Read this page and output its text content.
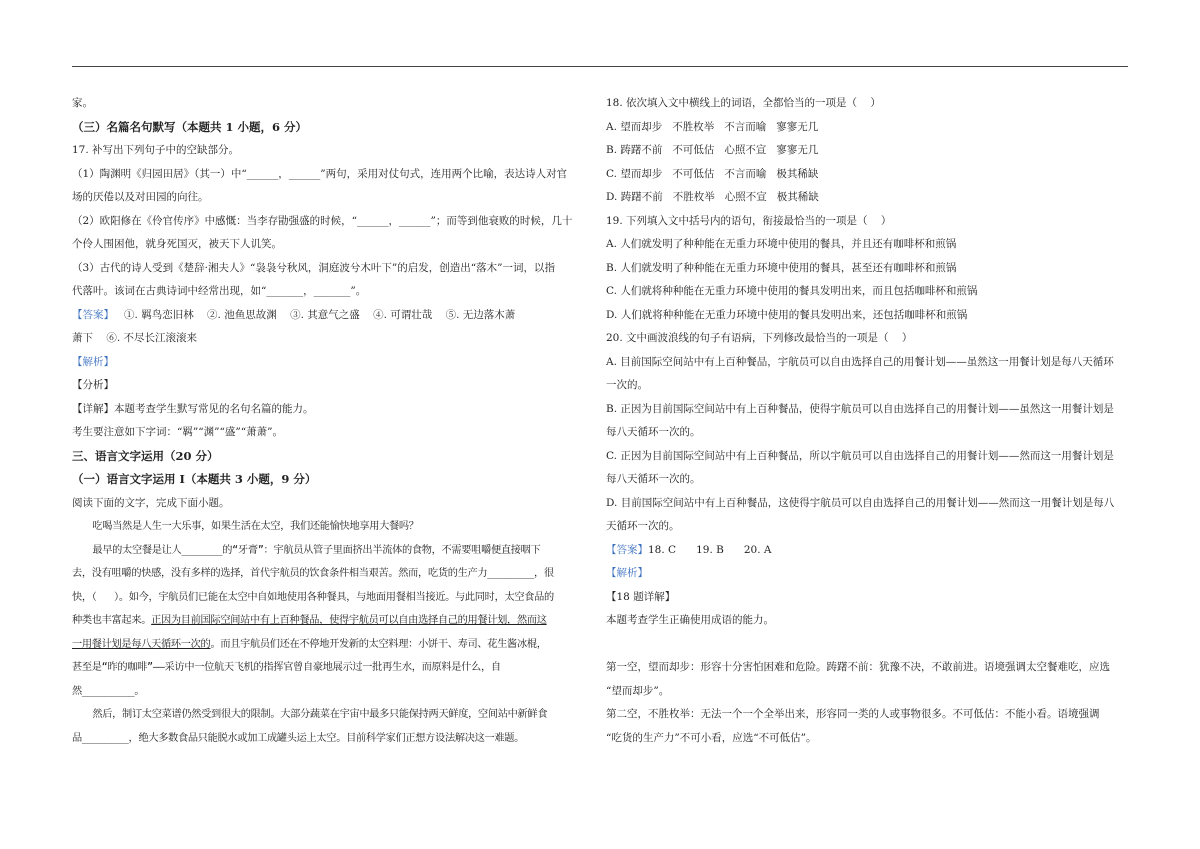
家。

（三）名篇名句默写（本题共 1 小题，6 分）

17. 补写出下列句子中的空缺部分。

（1）陶渊明《归园田居》（其一）中“______，______”两句，采用对仗句式，连用两个比喻，表达诗人对官

场的厌倦以及对田园的向往。

（2）欧阳修在《伶官传序》中感慨：当李存勖强盛的时候，“______，______”；而等到他衰败的时候，几十

个伶人围困他，就身死国灭，被天下人讥笑。

（3）古代的诗人受到《楚辞·湘夫人》“袅袅兮秋风，洞庭波兮木叶下”的启发，创造出“落木”一词，以指

代落叶。该词在古典诗词中经常出现，如“_______，_______”。

【答案】   ①. 羁鸟恋旧林    ②. 池鱼思故渊    ③. 其意气之盛    ④. 可谓壮哉    ⑤. 无边落木萧

萧下    ⑥. 不尽长江滚滚来

【解析】

【分析】

【详解】本题考查学生默写常见的名句名篇的能力。

考生要注意如下字词：“羁”“渊”“盛”“萧萧”。

三、语言文字运用（20 分）

（一）语言文字运用 I（本题共 3 小题，9 分）

阅读下面的文字，完成下面小题。

吃喝当然是人生一大乐事，如果生活在太空，我们还能愉快地享用大餐吗？

最早的太空餐是让人_______的“牙膏”：宇航员从管子里面挤出半流体的食物，不需要咀嚼便直接咽下

去，没有咀嚼的快感，没有多样的选择，首代宇航员的饮食条件相当艰苦。然而，吃货的生产力________，很

快，（   ）。如今，宇航员们已能在太空中自如地使用各种餐具，与地面用餐相当接近。与此同时，太空食品的

种类也丰富起来。正因为目前国际空间站中有上百种餐品，使得宇航员可以自由选择自己的用餐计划，然而这

一用餐计划是每八天循环一次的。而且宇航员们还在不停地开发新的太空料理：小饼干、寿司、花生酱冰棍，

甚至是“昨的咖啡”——采访中一位航天飞机的指挥官曾自豪地展示过一批再生水，而原料是什么，自

然_________。

然后，制订太空菜谱仍然受到很大的限制。大部分蔬菜在宇宙中最多只能保持两天鲜度，空间站中新鲜食

品________，绝大多数食品只能脱水或加工成罐头运上太空。目前科学家们正想方设法解决这一难题。

18. 依次填入文中横线上的词语，全都恰当的一项是（    ）

A. 望而却步   不胜枚举   不言而喻   寥寥无几

B. 踌躇不前   不可低估   心照不宣   寥寥无几

C. 望而却步   不可低估   不言而喻   极其稀缺

D. 踌躇不前   不胜枚举   心照不宣   极其稀缺

19. 下列填入文中括号内的语句，衔接最恰当的一项是（    ）

A. 人们就发明了种种能在无重力环境中使用的餐具，并且还有咖啡杯和煎锅

B. 人们就发明了种种能在无重力环境中使用的餐具，甚至还有咖啡杯和煎锅

C. 人们就将种种能在无重力环境中使用的餐具发明出来，而且包括咖啡杯和煎锅

D. 人们就将种种能在无重力环境中使用的餐具发明出来，还包括咖啡杯和煎锅

20. 文中画波浪线的句子有语病，下列修改最恰当的一项是（    ）

A. 目前国际空间站中有上百种餐品，宇航员可以自由选择自己的用餐计划——虽然这一用餐计划是每八天循环

一次的。

B. 正因为目前国际空间站中有上百种餐品，使得宇航员可以自由选择自己的用餐计划——虽然这一用餐计划是

每八天循环一次的。

C. 正因为目前国际空间站中有上百种餐品，所以宇航员可以自由选择自己的用餐计划——然而这一用餐计划是

每八天循环一次的。

D. 目前国际空间站中有上百种餐品，这使得宇航员可以自由选择自己的用餐计划——然而这一用餐计划是每八

天循环一次的。

【答案】18. C      19. B      20. A

【解析】

【18 题详解】

本题考查学生正确使用成语的能力。

第一空，望而却步：形容十分害怕困难和危险。踌躇不前：犹豫不决，不敢前进。语境强调太空餐难吃，应选

“望而却步”。

第二空，不胜枚举：无法一个一个全举出来，形容同一类的人或事物很多。不可低估：不能小看。语境强调

“吃货的生产力”不可小看，应选“不可低估”。
